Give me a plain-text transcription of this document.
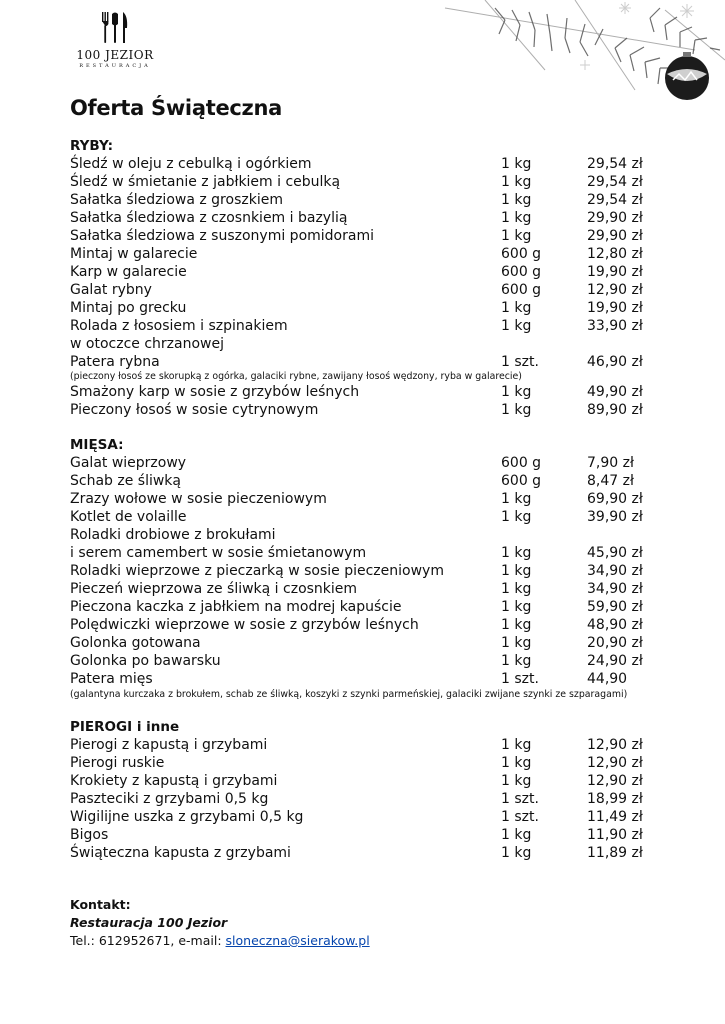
100 JEZIOR
RESTAURACJA
Oferta Świąteczna
RYBY:
Śledź w oleju z cebulką i ogórkiem	1 kg	29,54 zł
Śledź w śmietanie z jabłkiem i cebulką	1 kg	29,54 zł
Sałatka śledziowa z groszkiem	1 kg	29,54 zł
Sałatka śledziowa z czosnkiem i bazylią	1 kg	29,90 zł
Sałatka śledziowa z suszonymi pomidorami	1 kg	29,90 zł
Mintaj w galarecie	600 g	12,80 zł
Karp w galarecie	600 g	19,90 zł
Galat rybny	600 g	12,90 zł
Mintaj po grecku	1 kg	19,90 zł
Rolada z łososiem i szpinakiem	1 kg	33,90 zł
w otoczce chrzanowej
Patera rybna	1 szt.	46,90 zł
(pieczony łosoś ze skorupką z ogórka, galaciki rybne, zawijany łosoś wędzony, ryba w galarecie)
Smażony karp w sosie z grzybów leśnych	1 kg	49,90 zł
Pieczony łosoś w sosie cytrynowym	1 kg	89,90 zł
MIĘSA:
Galat wieprzowy	600 g	7,90 zł
Schab ze śliwką	600 g	8,47 zł
Zrazy wołowe w sosie pieczeniowym	1 kg	69,90 zł
Kotlet de volaille	1 kg	39,90 zł
Roladki drobiowe z brokułami
i serem camembert w sosie śmietanowym	1 kg	45,90 zł
Roladki wieprzowe z pieczarką w sosie pieczeniowym	1 kg	34,90 zł
Pieczeń wieprzowa ze śliwką i czosnkiem	1 kg	34,90 zł
Pieczona kaczka z jabłkiem na modrej kapuście	1 kg	59,90 zł
Polędwiczki wieprzowe w sosie z grzybów leśnych	1 kg	48,90 zł
Golonka gotowana	1 kg	20,90 zł
Golonka po bawarsku	1 kg	24,90 zł
Patera mięs	1 szt.	44,90
(galantyna kurczaka z brokułem, schab ze śliwką, koszyki z szynki parmeńskiej, galaciki zwijane szynki ze szparagami)
PIEROGI i inne
Pierogi z kapustą i grzybami	1 kg	12,90 zł
Pierogi ruskie	1 kg	12,90 zł
Krokiety z kapustą i grzybami	1 kg	12,90 zł
Paszteciki z grzybami 0,5 kg	1 szt.	18,99 zł
Wigilijne uszka z grzybami 0,5 kg	1 szt.	11,49 zł
Bigos	1 kg	11,90 zł
Świąteczna kapusta z grzybami	1 kg	11,89 zł
Kontakt:
Restauracja 100 Jezior
Tel.: 612952671, e-mail: sloneczna@sierakow.pl
